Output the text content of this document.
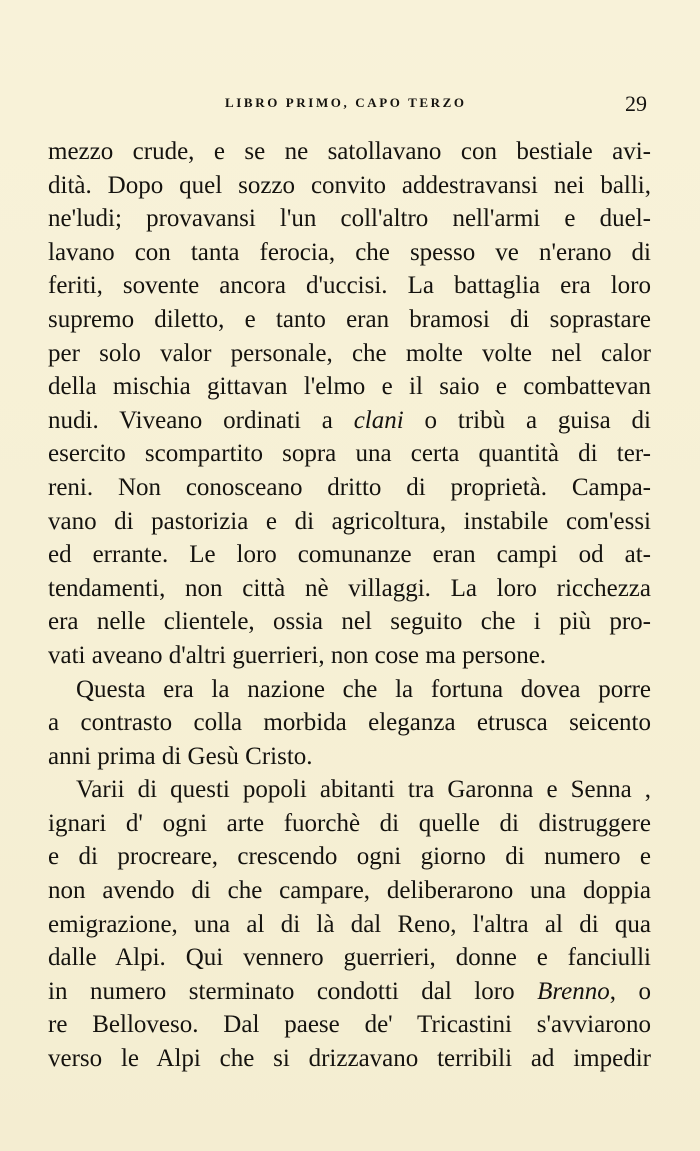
LIBRO PRIMO, CAPO TERZO	29
mezzo crude, e se ne satollavano con bestiale avi-
dità. Dopo quel sozzo convito addestravansi nei balli,
ne'ludi; provavansi l'un coll'altro nell'armi e duel-
lavano con tanta ferocia, che spesso ve n'erano di
feriti, sovente ancora d'uccisi. La battaglia era loro
supremo diletto, e tanto eran bramosi di soprastare
per solo valor personale, che molte volte nel calor
della mischia gittavan l'elmo e il saio e combattevan
nudi. Viveano ordinati a clani o tribù a guisa di
esercito scompartito sopra una certa quantità di ter-
reni. Non conosceano dritto di proprietà. Campa-
vano di pastorizia e di agricoltura, instabile com'essi
ed errante. Le loro comunanze eran campi od at-
tendamenti, non città nè villaggi. La loro ricchezza
era nelle clientele, ossia nel seguito che i più pro-
vati aveano d'altri guerrieri, non cose ma persone.
Questa era la nazione che la fortuna dovea porre
a contrasto colla morbida eleganza etrusca seicento
anni prima di Gesù Cristo.
Varii di questi popoli abitanti tra Garonna e Senna ,
ignari d' ogni arte fuorchè di quelle di distruggere
e di procreare, crescendo ogni giorno di numero e
non avendo di che campare, deliberarono una doppia
emigrazione, una al di là dal Reno, l'altra al di qua
dalle Alpi. Qui vennero guerrieri, donne e fanciulli
in numero sterminato condotti dal loro Brenno, o
re Belloveso. Dal paese de' Tricastini s'avviarono
verso le Alpi che si drizzavano terribili ad impedir
